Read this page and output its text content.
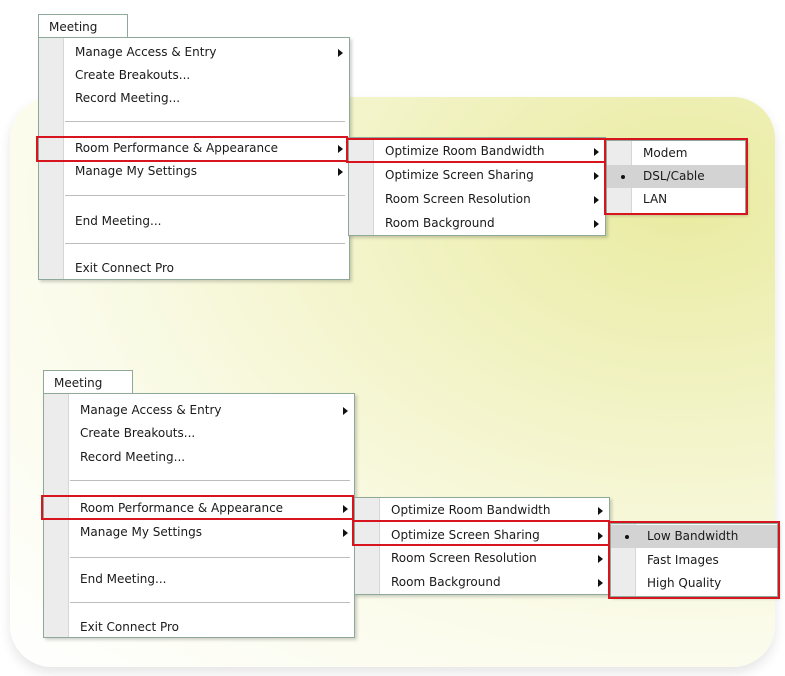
Meeting
Manage Access & Entry
Create Breakouts...
Record Meeting...
Room Performance & Appearance
Manage My Settings
End Meeting...
Exit Connect Pro
Optimize Room Bandwidth
Optimize Screen Sharing
Room Screen Resolution
Room Background
Modem
DSL/Cable
LAN
Meeting
Manage Access & Entry
Create Breakouts...
Record Meeting...
Room Performance & Appearance
Manage My Settings
End Meeting...
Exit Connect Pro
Optimize Room Bandwidth
Optimize Screen Sharing
Room Screen Resolution
Room Background
Low Bandwidth
Fast Images
High Quality
